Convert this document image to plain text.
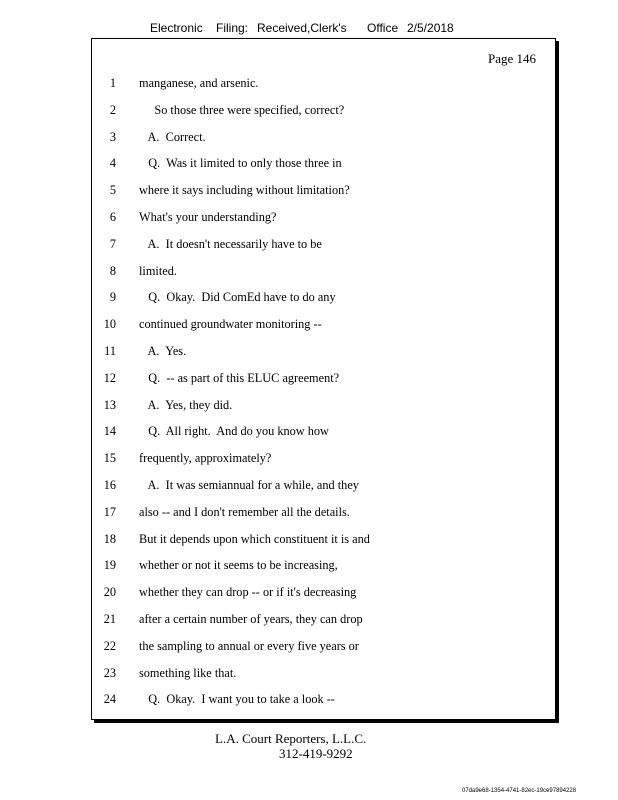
Electronic Filing: Received,Clerk's Office 2/5/2018
Page 146
1 manganese, and arsenic.
2 So those three were specified, correct?
3 A.  Correct.
4 Q.  Was it limited to only those three in
5 where it says including without limitation?
6 What's your understanding?
7 A.  It doesn't necessarily have to be
8 limited.
9 Q.  Okay.  Did ComEd have to do any
10 continued groundwater monitoring --
11 A.  Yes.
12 Q.  -- as part of this ELUC agreement?
13 A.  Yes, they did.
14 Q.  All right.  And do you know how
15 frequently, approximately?
16 A.  It was semiannual for a while, and they
17 also -- and I don't remember all the details.
18 But it depends upon which constituent it is and
19 whether or not it seems to be increasing,
20 whether they can drop -- or if it's decreasing
21 after a certain number of years, they can drop
22 the sampling to annual or every five years or
23 something like that.
24 Q.  Okay.  I want you to take a look --
L.A. Court Reporters, L.L.C.
312-419-9292
07da9e68-1354-4741-82ec-19ce97894228
